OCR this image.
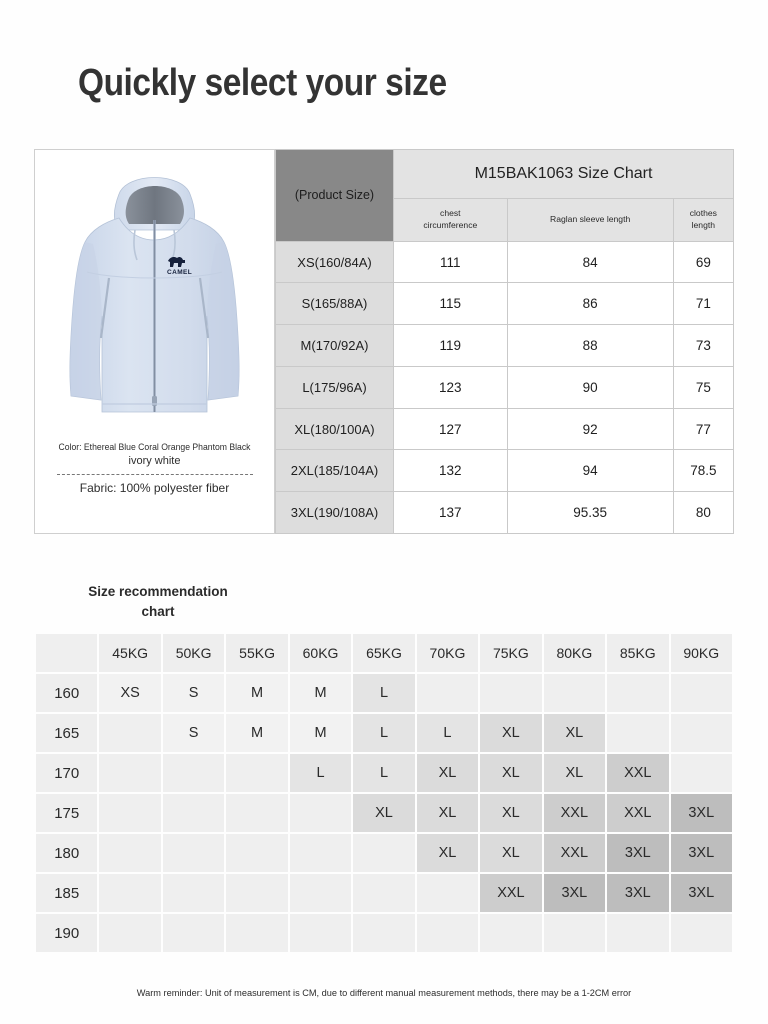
Quickly select your size
CAMEL
Color: Ethereal Blue Coral Orange Phantom Black
ivory white
Fabric: 100% polyester fiber
(Product Size)	M15BAK1063 Size Chart		
	chest
circumference	Raglan sleeve length	clothes
length
XS(160/84A)	111	84	69
S(165/88A)	115	86	71
M(170/92A)	119	88	73
L(175/96A)	123	90	75
XL(180/100A)	127	92	77
2XL(185/104A)	132	94	78.5
3XL(190/108A)	137	95.35	80
Size recommendation
chart
	45KG	50KG	55KG	60KG	65KG	70KG	75KG	80KG	85KG	90KG
160	XS	S	M	M	L					
165		S	M	M	L	L	XL	XL		
170				L	L	XL	XL	XL	XXL	
175					XL	XL	XL	XXL	XXL	3XL
180						XL	XL	XXL	3XL	3XL
185							XXL	3XL	3XL	3XL
190										
Warm reminder: Unit of measurement is CM, due to different manual measurement methods, there may be a 1-2CM error
